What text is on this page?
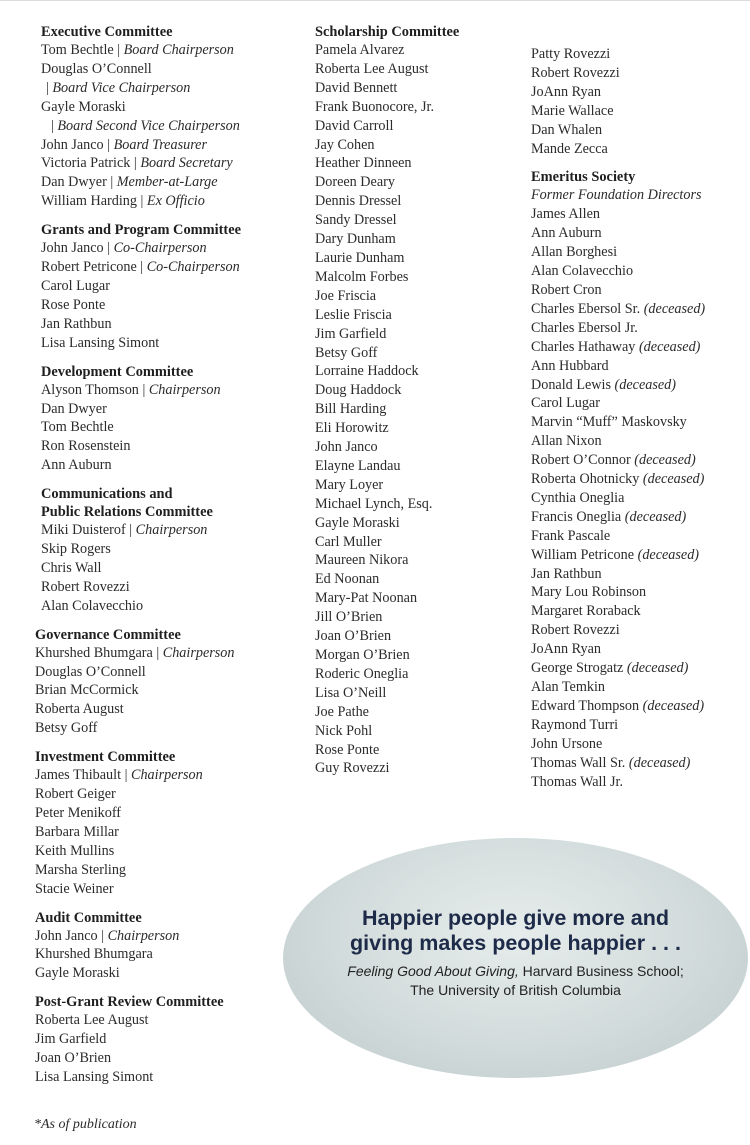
Executive Committee
Tom Bechtle | Board Chairperson
Douglas O’Connell
| Board Vice Chairperson
Gayle Moraski
| Board Second Vice Chairperson
John Janco | Board Treasurer
Victoria Patrick | Board Secretary
Dan Dwyer | Member-at-Large
William Harding | Ex Officio
Grants and Program Committee
John Janco | Co-Chairperson
Robert Petricone | Co-Chairperson
Carol Lugar
Rose Ponte
Jan Rathbun
Lisa Lansing Simont
Development Committee
Alyson Thomson | Chairperson
Dan Dwyer
Tom Bechtle
Ron Rosenstein
Ann Auburn
Communications and
Public Relations Committee
Miki Duisterof | Chairperson
Skip Rogers
Chris Wall
Robert Rovezzi
Alan Colavecchio
Governance Committee
Khurshed Bhumgara | Chairperson
Douglas O’Connell
Brian McCormick
Roberta August
Betsy Goff
Investment Committee
James Thibault | Chairperson
Robert Geiger
Peter Menikoff
Barbara Millar
Keith Mullins
Marsha Sterling
Stacie Weiner
Audit Committee
John Janco | Chairperson
Khurshed Bhumgara
Gayle Moraski
Post-Grant Review Committee
Roberta Lee August
Jim Garfield
Joan O’Brien
Lisa Lansing Simont
Scholarship Committee
Pamela Alvarez
Roberta Lee August
David Bennett
Frank Buonocore, Jr.
David Carroll
Jay Cohen
Heather Dinneen
Doreen Deary
Dennis Dressel
Sandy Dressel
Dary Dunham
Laurie Dunham
Malcolm Forbes
Joe Friscia
Leslie Friscia
Jim Garfield
Betsy Goff
Lorraine Haddock
Doug Haddock
Bill Harding
Eli Horowitz
John Janco
Elayne Landau
Mary Loyer
Michael Lynch, Esq.
Gayle Moraski
Carl Muller
Maureen Nikora
Ed Noonan
Mary-Pat Noonan
Jill O’Brien
Joan O’Brien
Morgan O’Brien
Roderic Oneglia
Lisa O’Neill
Joe Pathe
Nick Pohl
Rose Ponte
Guy Rovezzi
Patty Rovezzi
Robert Rovezzi
JoAnn Ryan
Marie Wallace
Dan Whalen
Mande Zecca
Emeritus Society
Former Foundation Directors
James Allen
Ann Auburn
Allan Borghesi
Alan Colavecchio
Robert Cron
Charles Ebersol Sr. (deceased)
Charles Ebersol Jr.
Charles Hathaway (deceased)
Ann Hubbard
Donald Lewis (deceased)
Carol Lugar
Marvin “Muff” Maskovsky
Allan Nixon
Robert O’Connor (deceased)
Roberta Ohotnicky (deceased)
Cynthia Oneglia
Francis Oneglia (deceased)
Frank Pascale
William Petricone (deceased)
Jan Rathbun
Mary Lou Robinson
Margaret Roraback
Robert Rovezzi
JoAnn Ryan
George Strogatz (deceased)
Alan Temkin
Edward Thompson (deceased)
Raymond Turri
John Ursone
Thomas Wall Sr. (deceased)
Thomas Wall Jr.
*As of publication
Happier people give more and
giving makes people happier . . .
Feeling Good About Giving, Harvard Business School;
The University of British Columbia
